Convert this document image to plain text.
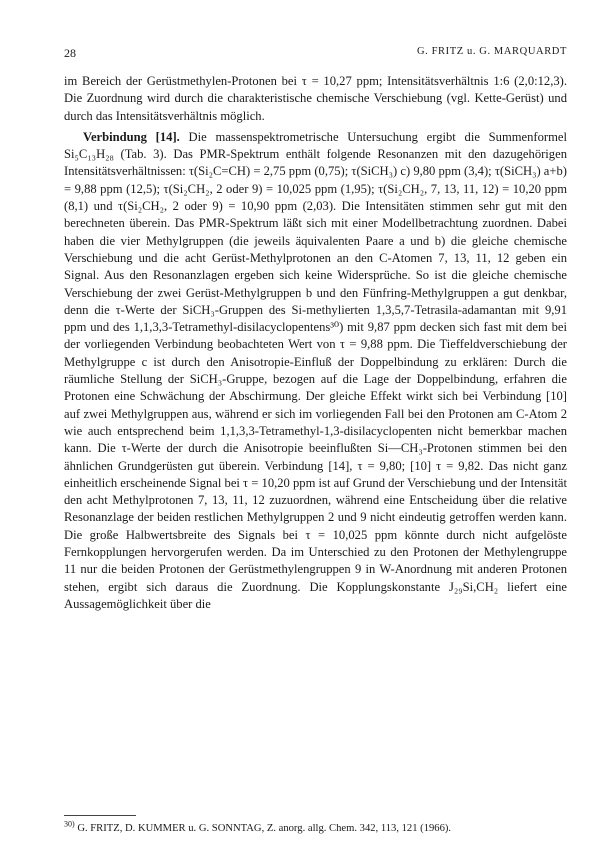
28	G. FRITZ u. G. MARQUARDT

im Bereich der Gerüstmethylen-Protonen bei τ = 10,27 ppm; Intensitätsverhältnis 1:6 (2,0:12,3). Die Zuordnung wird durch die charakteristische chemische Verschiebung (vgl. Kette-Gerüst) und durch das Intensitätsverhältnis möglich.

Verbindung [14]. Die massenspektrometrische Untersuchung ergibt die Summenformel Si₅C₁₃H₂₈ (Tab. 3). Das PMR-Spektrum enthält folgende Resonanzen mit den dazugehörigen Intensitätsverhältnissen: τ(Si₂C=CH) = 2,75 ppm (0,75); τ(SiCH₃) c) 9,80 ppm (3,4); τ(SiCH₃) a+b) = 9,88 ppm (12,5); τ(Si₂CH₂, 2 oder 9) = 10,025 ppm (1,95); τ(Si₂CH₂, 7, 13, 11, 12) = 10,20 ppm (8,1) und τ(Si₂CH₂, 2 oder 9) = 10,90 ppm (2,03). Die Intensitäten stimmen sehr gut mit den berechneten überein. Das PMR-Spektrum läßt sich mit einer Modellbetrachtung zuordnen. Dabei haben die vier Methylgruppen (die jeweils äquivalenten Paare a und b) die gleiche chemische Verschiebung und die acht Gerüst-Methylprotonen an den C-Atomen 7, 13, 11, 12 geben ein Signal. Aus den Resonanzlagen ergeben sich keine Widersprüche. So ist die gleiche chemische Verschiebung der zwei Gerüst-Methylgruppen b und den Fünfring-Methylgruppen a gut denkbar, denn die τ-Werte der SiCH₃-Gruppen des Si-methylierten 1,3,5,7-Tetrasila-adamantan mit 9,91 ppm und des 1,1,3,3-Tetramethyl-disilacyclopentens³⁰) mit 9,87 ppm decken sich fast mit dem bei der vorliegenden Verbindung beobachteten Wert von τ = 9,88 ppm. Die Tieffeldverschiebung der Methylgruppe c ist durch den Anisotropie-Einfluß der Doppelbindung zu erklären: Durch die räumliche Stellung der SiCH₃-Gruppe, bezogen auf die Lage der Doppelbindung, erfahren die Protonen eine Schwächung der Abschirmung. Der gleiche Effekt wirkt sich bei Verbindung [10] auf zwei Methylgruppen aus, während er sich im vorliegenden Fall bei den Protonen am C-Atom 2 wie auch entsprechend beim 1,1,3,3-Tetramethyl-1,3-disilacyclopenten nicht bemerkbar machen kann. Die τ-Werte der durch die Anisotropie beeinflußten Si—CH₃-Protonen stimmen bei den ähnlichen Grundgerüsten gut überein. Verbindung [14], τ = 9,80; [10] τ = 9,82. Das nicht ganz einheitlich erscheinende Signal bei τ = 10,20 ppm ist auf Grund der Verschiebung und der Intensität den acht Methylprotonen 7, 13, 11, 12 zuzuordnen, während eine Entscheidung über die relative Resonanzlage der beiden restlichen Methylgruppen 2 und 9 nicht eindeutig getroffen werden kann. Die große Halbwertsbreite des Signals bei τ = 10,025 ppm könnte durch nicht aufgelöste Fernkopplungen hervorgerufen werden. Da im Unterschied zu den Protonen der Methylengruppe 11 nur die beiden Protonen der Gerüstmethylengruppen 9 in W-Anordnung mit anderen Protonen stehen, ergibt sich daraus die Zuordnung. Die Kopplungskonstante J₂₉Si,CH₂ liefert eine Aussagemöglichkeit über die

$^{30)}$ G. FRITZ, D. KUMMER u. G. SONNTAG, Z. anorg. allg. Chem. 342, 113, 121 (1966).
